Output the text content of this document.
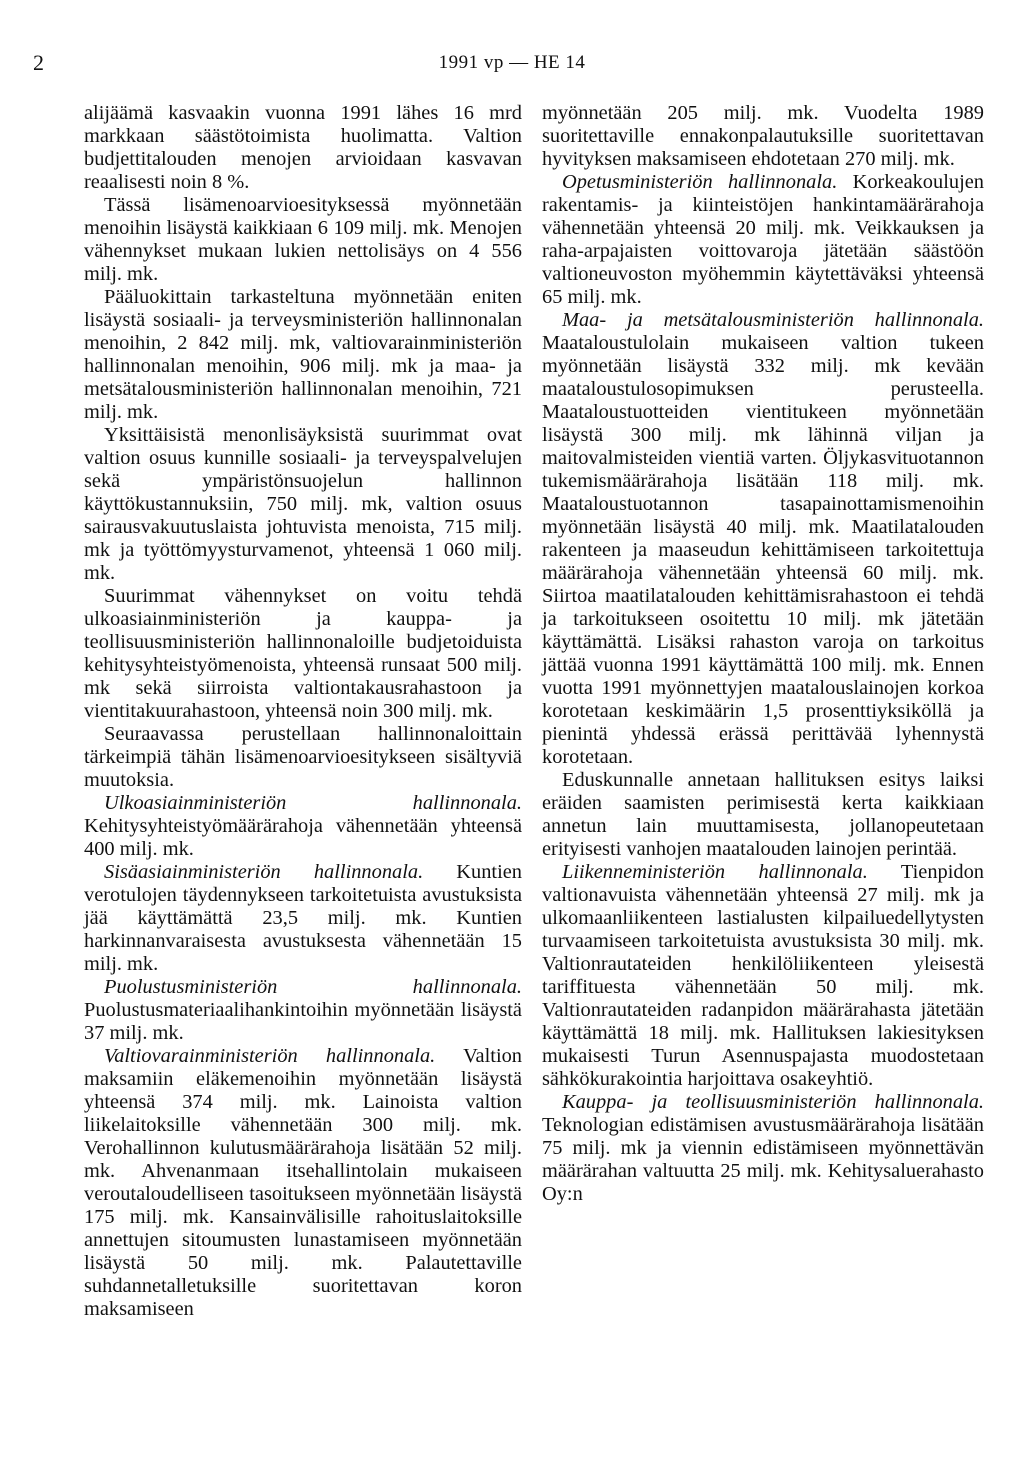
2	1991 vp — HE 14

alijäämä kasvaakin vuonna 1991 lähes 16 mrd markkaan säästötoimista huolimatta. Valtion budjettitalouden menojen arvioidaan kasvavan reaalisesti noin 8 %.

Tässä lisämenoarvioesityksessä myönnetään menoihin lisäystä kaikkiaan 6 109 milj. mk. Menojen vähennykset mukaan lukien nettolisäys on 4 556 milj. mk.

Pääluokittain tarkasteltuna myönnetään eniten lisäystä sosiaali- ja terveysministeriön hallinnonalan menoihin, 2 842 milj. mk, valtiovarainministeriön hallinnonalan menoihin, 906 milj. mk ja maa- ja metsätalousministeriön hallinnonalan menoihin, 721 milj. mk.

Yksittäisistä menonlisäyksistä suurimmat ovat valtion osuus kunnille sosiaali- ja terveyspalvelujen sekä ympäristönsuojelun hallinnon käyttökustannuksiin, 750 milj. mk, valtion osuus sairausvakuutuslaista johtuvista menoista, 715 milj. mk ja työttömyysturvamenot, yhteensä 1 060 milj. mk.

Suurimmat vähennykset on voitu tehdä ulkoasiainministeriön ja kauppa- ja teollisuusministeriön hallinnonaloille budjetoiduista kehitysyhteistyömenoista, yhteensä runsaat 500 milj. mk sekä siirroista valtiontakausrahastoon ja vientitakuurahastoon, yhteensä noin 300 milj. mk.

Seuraavassa perustellaan hallinnonaloittain tärkeimpiä tähän lisämenoarvioesitykseen sisältyviä muutoksia.

Ulkoasiainministeriön hallinnonala. Kehitysyhteistyömäärärahoja vähennetään yhteensä 400 milj. mk.

Sisäasiainministeriön hallinnonala. Kuntien verotulojen täydennykseen tarkoitetuista avustuksista jää käyttämättä 23,5 milj. mk. Kuntien harkinnanvaraisesta avustuksesta vähennetään 15 milj. mk.

Puolustusministeriön hallinnonala. Puolustusmateriaalihankintoihin myönnetään lisäystä 37 milj. mk.

Valtiovarainministeriön hallinnonala. Valtion maksamiin eläkemenoihin myönnetään lisäystä yhteensä 374 milj. mk. Lainoista valtion liikelaitoksille vähennetään 300 milj. mk. Verohallinnon kulutusmäärärahoja lisätään 52 milj. mk. Ahvenanmaan itsehallintolain mukaiseen veroutaloudelliseen tasoitukseen myönnetään lisäystä 175 milj. mk. Kansainvälisille rahoituslaitoksille annettujen sitoumusten lunastamiseen myönnetään lisäystä 50 milj. mk. Palautettaville suhdannetalletuksille suoritettavan koron maksamiseen

myönnetään 205 milj. mk. Vuodelta 1989 suoritettaville ennakonpalautuksille suoritettavan hyvityksen maksamiseen ehdotetaan 270 milj. mk.

Opetusministeriön hallinnonala. Korkeakoulujen rakentamis- ja kiinteistöjen hankintamäärärahoja vähennetään yhteensä 20 milj. mk. Veikkauksen ja raha-arpajaisten voittovaroja jätetään säästöön valtioneuvoston myöhemmin käytettäväksi yhteensä 65 milj. mk.

Maa- ja metsätalousministeriön hallinnonala. Maataloustulolain mukaiseen valtion tukeen myönnetään lisäystä 332 milj. mk kevään maataloustulosopimuksen perusteella. Maataloustuotteiden vientitukeen myönnetään lisäystä 300 milj. mk lähinnä viljan ja maitovalmisteiden vientiä varten. Öljykasvituotannon tukemismäärärahoja lisätään 118 milj. mk. Maataloustuotannon tasapainottamismenoihin myönnetään lisäystä 40 milj. mk. Maatilatalouden rakenteen ja maaseudun kehittämiseen tarkoitettuja määrärahoja vähennetään yhteensä 60 milj. mk. Siirtoa maatilatalouden kehittämisrahastoon ei tehdä ja tarkoitukseen osoitettu 10 milj. mk jätetään käyttämättä. Lisäksi rahaston varoja on tarkoitus jättää vuonna 1991 käyttämättä 100 milj. mk. Ennen vuotta 1991 myönnettyjen maatalouslainojen korkoa korotetaan keskimäärin 1,5 prosenttiyksiköllä ja pienintä yhdessä erässä perittävää lyhennystä korotetaan.

Eduskunnalle annetaan hallituksen esitys laiksi eräiden saamisten perimisestä kerta kaikkiaan annetun lain muuttamisesta, jollanopeutetaan erityisesti vanhojen maatalouden lainojen perintää.

Liikenneministeriön hallinnonala. Tienpidon valtionavuista vähennetään yhteensä 27 milj. mk ja ulkomaanliikenteen lastialusten kilpailuedellytysten turvaamiseen tarkoitetuista avustuksista 30 milj. mk. Valtionrautateiden henkilöliikenteen yleisestä tariffituesta vähennetään 50 milj. mk. Valtionrautateiden radanpidon määrärahasta jätetään käyttämättä 18 milj. mk. Hallituksen lakiesityksen mukaisesti Turun Asennuspajasta muodostetaan sähkökurakointia harjoittava osakeyhtiö.

Kauppa- ja teollisuusministeriön hallinnonala. Teknologian edistämisen avustusmäärärahoja lisätään 75 milj. mk ja viennin edistämiseen myönnettävän määrärahan valtuutta 25 milj. mk. Kehitysaluerahasto Oy:n
